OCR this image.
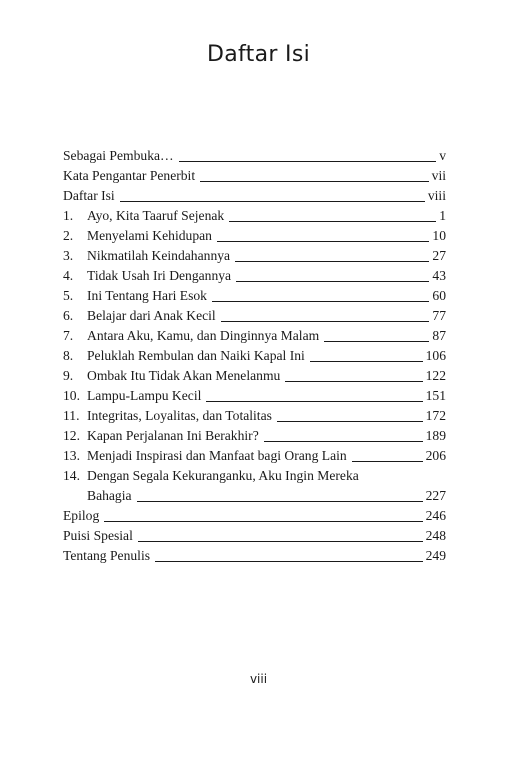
Daftar Isi
Sebagai Pembuka…	v
Kata Pengantar Penerbit	vii
Daftar Isi	viii
1.	Ayo, Kita Taaruf Sejenak	1
2.	Menyelami Kehidupan	10
3.	Nikmatilah Keindahannya	27
4.	Tidak Usah Iri Dengannya	43
5.	Ini Tentang Hari Esok	60
6.	Belajar dari Anak Kecil	77
7.	Antara Aku, Kamu, dan Dinginnya Malam	87
8.	Peluklah Rembulan dan Naiki Kapal Ini	106
9.	Ombak Itu Tidak Akan Menelanmu	122
10. Lampu-Lampu Kecil	151
11. Integritas, Loyalitas, dan Totalitas	172
12. Kapan Perjalanan Ini Berakhir?	189
13. Menjadi Inspirasi dan Manfaat bagi Orang Lain	206
14. Dengan Segala Kekuranganku, Aku Ingin Mereka
Bahagia	227
Epilog	246
Puisi Spesial	248
Tentang Penulis	249
viii
